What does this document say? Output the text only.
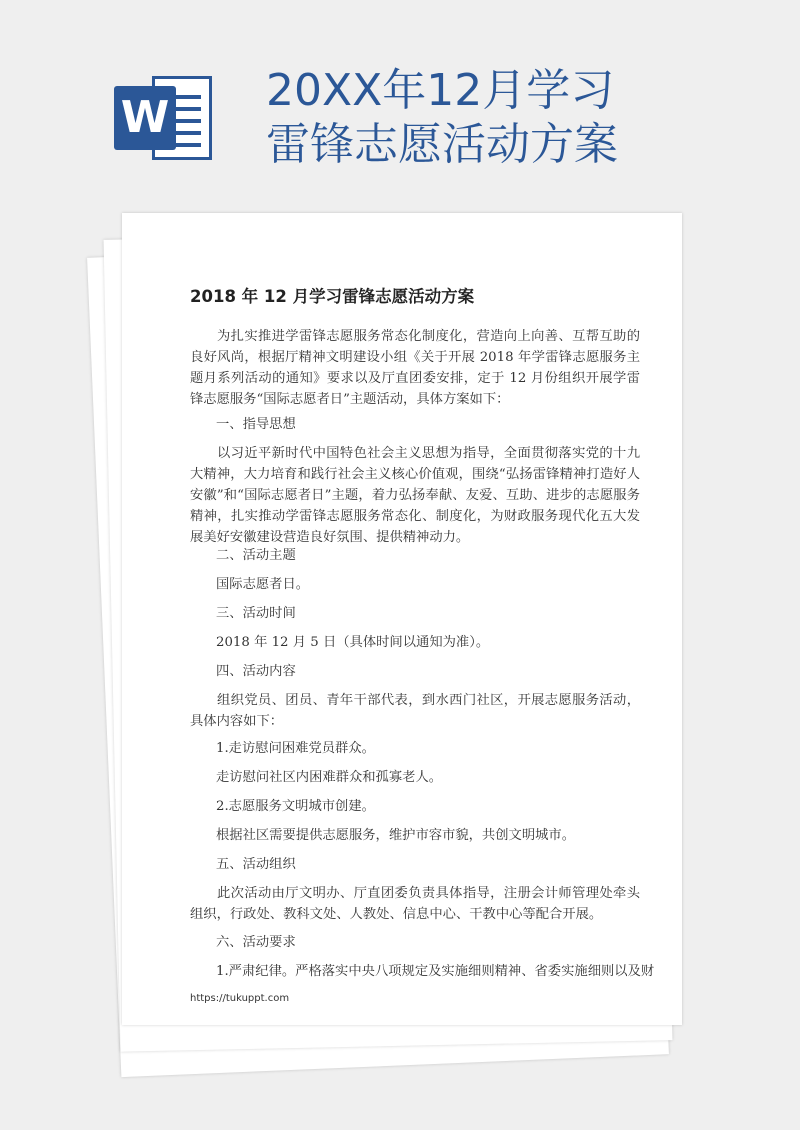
W
20XX年12月学习
雷锋志愿活动方案
2018 年 12 月学习雷锋志愿活动方案

为扎实推进学雷锋志愿服务常态化制度化，营造向上向善、互帮互助的良好风尚，根据厅精神文明建设小组《关于开展 2018 年学雷锋志愿服务主题月系列活动的通知》要求以及厅直团委安排，定于 12 月份组织开展学雷锋志愿服务“国际志愿者日”主题活动，具体方案如下：

一、指导思想

以习近平新时代中国特色社会主义思想为指导，全面贯彻落实党的十九大精神，大力培育和践行社会主义核心价值观，围绕“弘扬雷锋精神打造好人安徽”和“国际志愿者日”主题，着力弘扬奉献、友爱、互助、进步的志愿服务精神，扎实推动学雷锋志愿服务常态化、制度化，为财政服务现代化五大发展美好安徽建设营造良好氛围、提供精神动力。

二、活动主题

国际志愿者日。

三、活动时间

2018 年 12 月 5 日（具体时间以通知为准）。

四、活动内容

组织党员、团员、青年干部代表，到水西门社区，开展志愿服务活动，具体内容如下：

1.走访慰问困难党员群众。

走访慰问社区内困难群众和孤寡老人。

2.志愿服务文明城市创建。

根据社区需要提供志愿服务，维护市容市貌，共创文明城市。

五、活动组织

此次活动由厅文明办、厅直团委负责具体指导，注册会计师管理处牵头组织，行政处、教科文处、人教处、信息中心、干教中心等配合开展。

六、活动要求

1.严肃纪律。严格落实中央八项规定及实施细则精神、省委实施细则以及财

https://tukuppt.com
